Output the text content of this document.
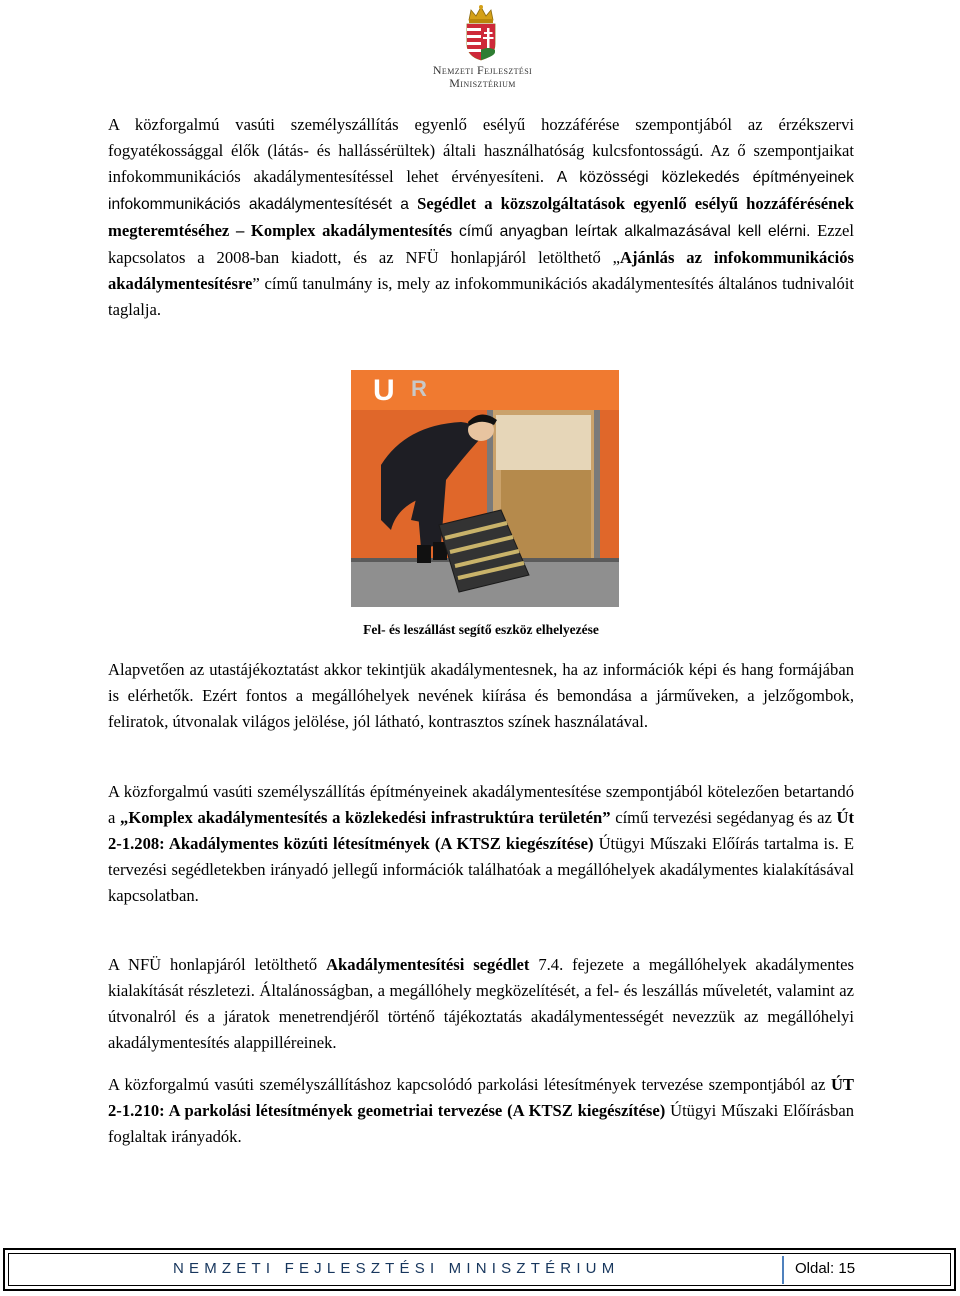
Nemzeti Fejlesztési
Minisztérium

A közforgalmú vasúti személyszállítás egyenlő esélyű hozzáférése szempontjából az érzékszervi fogyatékossággal élők (látás- és hallássérültek) általi használhatóság kulcsfontosságú. Az ő szempontjaikat infokommunikációs akadálymentesítéssel lehet érvényesíteni. A közösségi közlekedés építményeinek infokommunikációs akadálymentesítését a Segédlet a közszolgáltatások egyenlő esélyű hozzáférésének megteremtéséhez – Komplex akadálymentesítés című anyagban leírtak alkalmazásával kell elérni. Ezzel kapcsolatos a 2008-ban kiadott, és az NFÜ honlapjáról letölthető „Ajánlás az infokommunikációs akadálymentesítésre” című tanulmány is, mely az infokommunikációs akadálymentesítés általános tudnivalóit taglalja.

U R
Fel- és leszállást segítő eszköz elhelyezése

Alapvetően az utastájékoztatást akkor tekintjük akadálymentesnek, ha az információk képi és hang formájában is elérhetők. Ezért fontos a megállóhelyek nevének kiírása és bemondása a járműveken, a jelzőgombok, feliratok, útvonalak világos jelölése, jól látható, kontrasztos színek használatával.

A közforgalmú vasúti személyszállítás építményeinek akadálymentesítése szempontjából kötelezően betartandó a „Komplex akadálymentesítés a közlekedési infrastruktúra területén” című tervezési segédanyag és az Út 2-1.208: Akadálymentes közúti létesítmények (A KTSZ kiegészítése) Útügyi Műszaki Előírás tartalma is. E tervezési segédletekben irányadó jellegű információk találhatóak a megállóhelyek akadálymentes kialakításával kapcsolatban.

A NFÜ honlapjáról letölthető Akadálymentesítési segédlet 7.4. fejezete a megállóhelyek akadálymentes kialakítását részletezi. Általánosságban, a megállóhely megközelítését, a fel- és leszállás műveletét, valamint az útvonalról és a járatok menetrendjéről történő tájékoztatás akadálymentességét nevezzük az megállóhelyi akadálymentesítés alappilléreinek.

A közforgalmú vasúti személyszállításhoz kapcsolódó parkolási létesítmények tervezése szempontjából az ÚT 2-1.210: A parkolási létesítmények geometriai tervezése (A KTSZ kiegészítése) Útügyi Műszaki Előírásban foglaltak irányadók.

NEMZETI FEJLESZTÉSI MINISZTÉRIUM	Oldal: 15
